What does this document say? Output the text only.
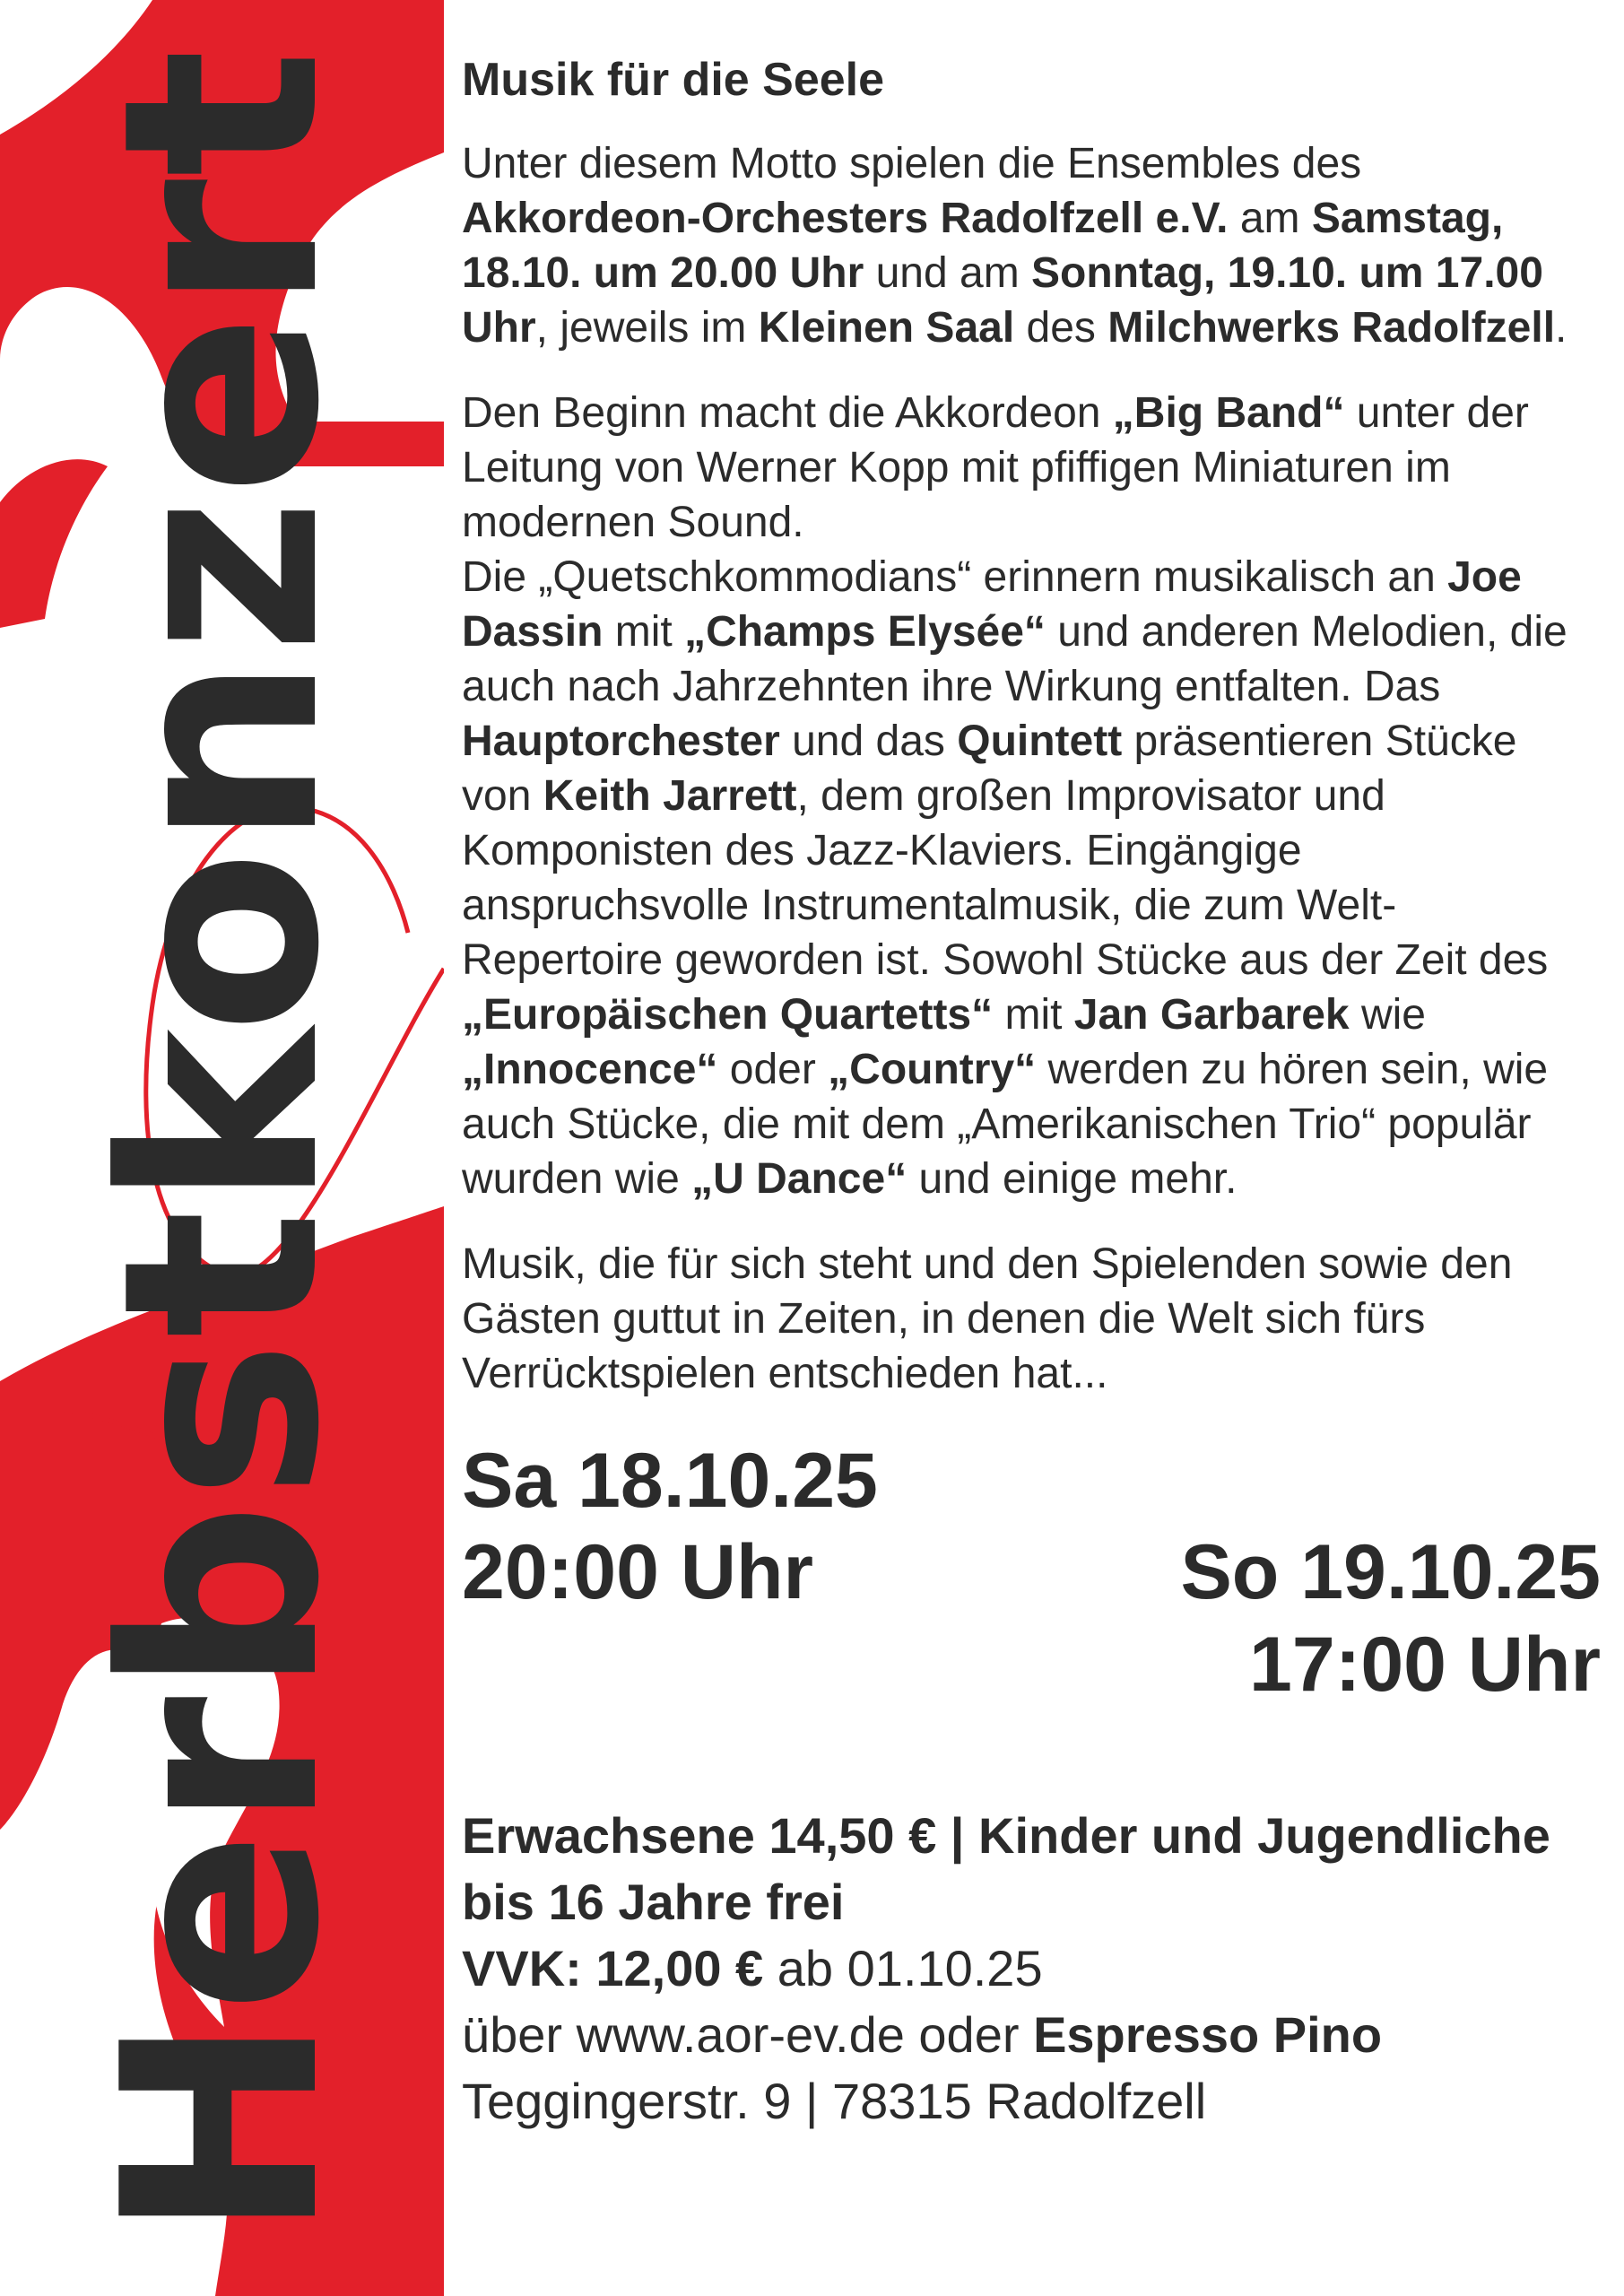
Herbstkonzert Musik für die Seele
Unter diesem Motto spielen die Ensembles des Akkordeon-Orchesters Radolfzell e.V. am Samstag, 18.10. um 20.00 Uhr und am Sonntag, 19.10. um 17.00 Uhr, jeweils im Kleinen Saal des Milchwerks Radolfzell.
Den Beginn macht die Akkordeon „Big Band“ unter der Leitung von Werner Kopp mit pfiffigen Miniaturen im modernen Sound.
Die „Quetschkommodians“ erinnern musikalisch an Joe Dassin mit „Champs Elysée“ und anderen Melodien, die auch nach Jahrzehnten ihre Wirkung entfalten. Das Hauptorchester und das Quintett präsentieren Stücke von Keith Jarrett, dem großen Improvisator und Komponisten des Jazz-Klaviers. Eingängige anspruchsvolle Instrumentalmusik, die zum Welt-Repertoire geworden ist. Sowohl Stücke aus der Zeit des „Europäischen Quartetts“ mit Jan Garbarek wie „Innocence“ oder „Country“ werden zu hören sein, wie auch Stücke, die mit dem „Amerikanischen Trio“ populär wurden wie „U Dance“ und einige mehr.
Musik, die für sich steht und den Spielenden sowie den Gästen guttut in Zeiten, in denen die Welt sich fürs Verrücktspielen entschieden hat...
Sa 18.10.25
20:00 Uhr	So 19.10.25
17:00 Uhr
Erwachsene 14,50 € | Kinder und Jugendliche bis 16 Jahre frei
VVK: 12,00 € ab 01.10.25
über www.aor-ev.de oder Espresso Pino
Teggingerstr. 9 | 78315 Radolfzell
